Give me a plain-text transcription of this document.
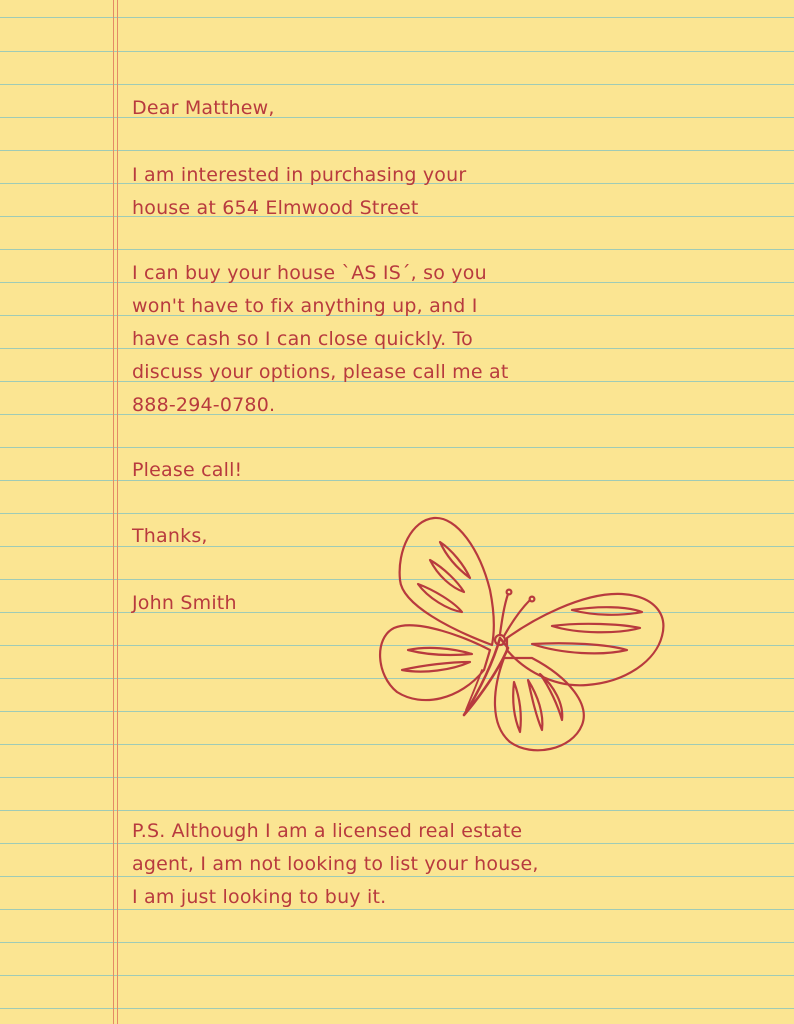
Dear Matthew,

I am interested in purchasing your
house at 654 Elmwood Street
I can buy your house `AS IS´, so you
won't have to fix anything up, and I
have cash so I can close quickly. To
discuss your options, please call me at
888-294-0780.

Please call!

Thanks,

John Smith

P.S. Although I am a licensed real estate
agent, I am not looking to list your house,
I am just looking to buy it.
